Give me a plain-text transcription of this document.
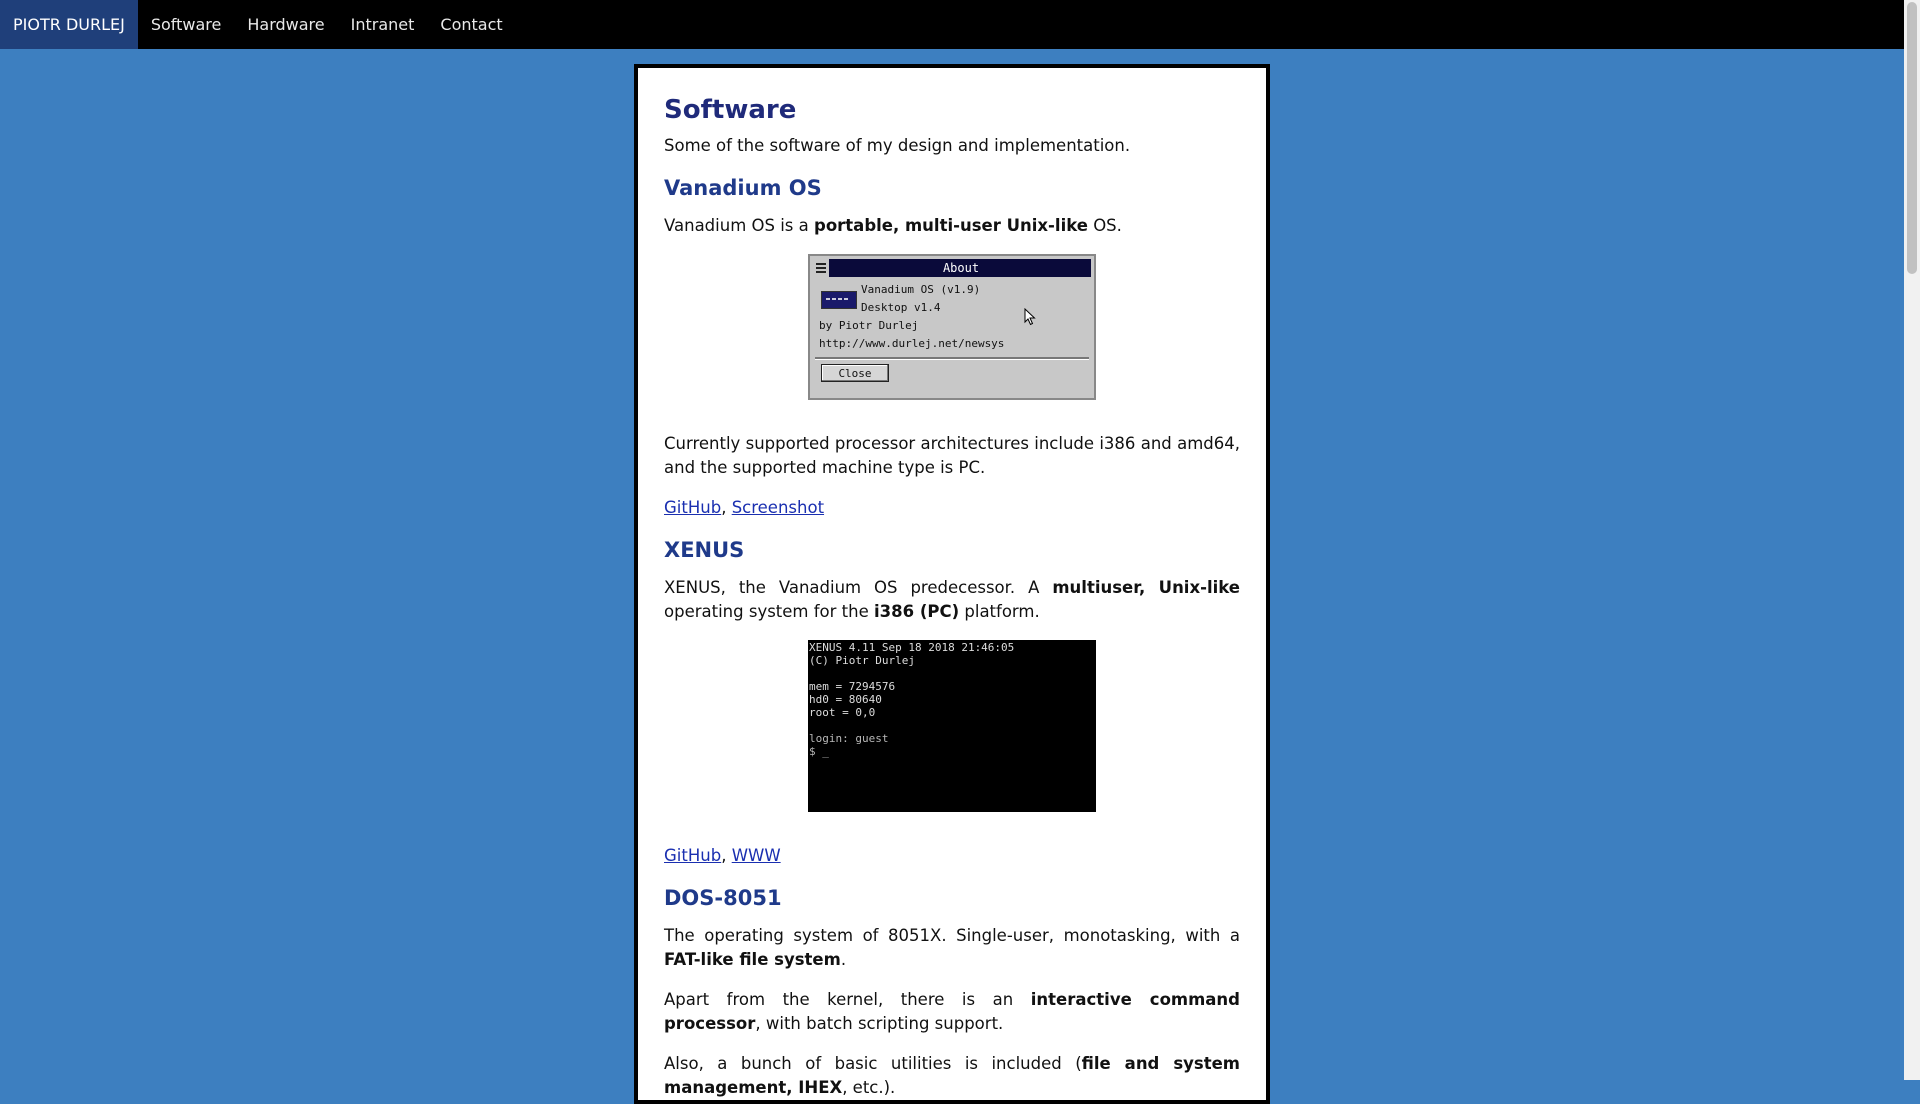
PIOTR DURLEJ	Software	Hardware	Intranet	Contact
Software

Some of the software of my design and implementation.

Vanadium OS

Vanadium OS is a portable, multi-user Unix-like OS.

About
Vanadium OS (v1.9)
Desktop v1.4
by Piotr Durlej
http://www.durlej.net/newsys
Close

Currently supported processor architectures include i386 and amd64, and the supported machine type is PC.

GitHub, Screenshot

XENUS

XENUS, the Vanadium OS predecessor. A multiuser, Unix-like operating system for the i386 (PC) platform.

XENUS 4.11 Sep 18 2018 21:46:05
(C) Piotr Durlej
mem = 7294576
hd0 = 80640
root = 0,0
login: guest
$ _

GitHub, WWW

DOS-8051

The operating system of 8051X. Single-user, monotasking, with a FAT-like file system.

Apart from the kernel, there is an interactive command processor, with batch scripting support.

Also, a bunch of basic utilities is included (file and system management, IHEX, etc.).
